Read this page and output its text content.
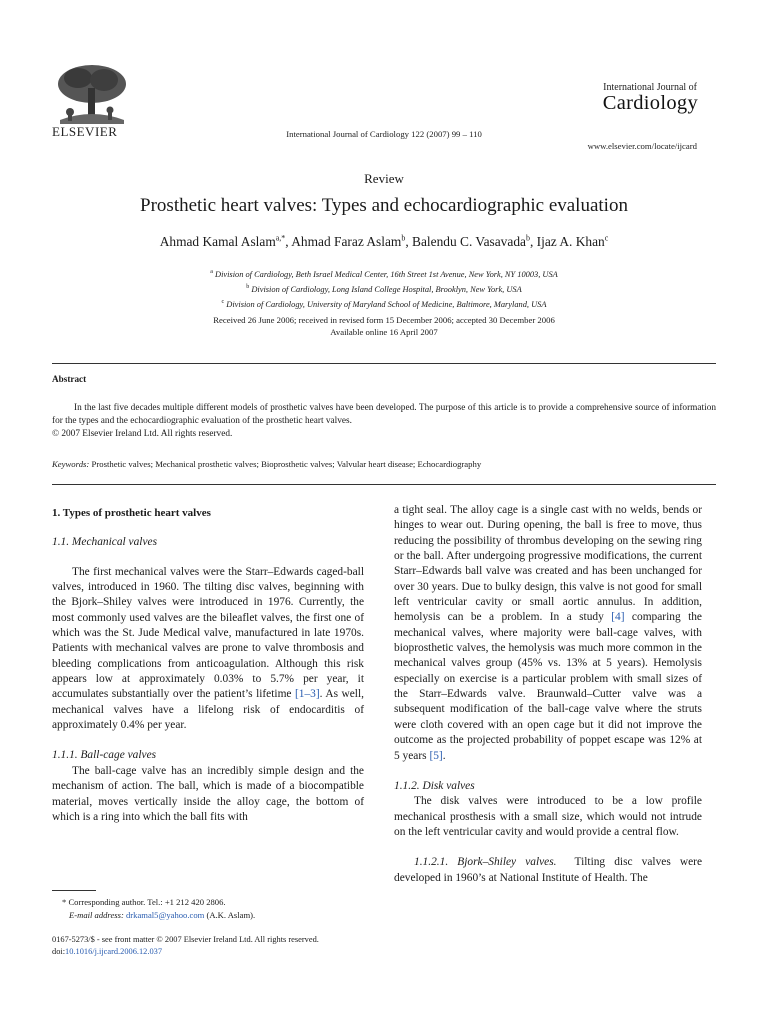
ELSEVIER	International Journal of Cardiology 122 (2007) 99 – 110
International Journal of
Cardiology
www.elsevier.com/locate/ijcard
Review
Prosthetic heart valves: Types and echocardiographic evaluation
Ahmad Kamal Aslam$^{a,*}$, Ahmad Faraz Aslam$^b$, Balendu C. Vasavada$^b$, Ijaz A. Khan$^c$
$^a$ Division of Cardiology, Beth Israel Medical Center, 16th Street 1st Avenue, New York, NY 10003, USA
$^b$ Division of Cardiology, Long Island College Hospital, Brooklyn, New York, USA
$^c$ Division of Cardiology, University of Maryland School of Medicine, Baltimore, Maryland, USA
Received 26 June 2006; received in revised form 15 December 2006; accepted 30 December 2006
Available online 16 April 2007
Abstract
In the last five decades multiple different models of prosthetic valves have been developed. The purpose of this article is to provide a comprehensive source of information for the types and the echocardiographic evaluation of the prosthetic heart valves.
© 2007 Elsevier Ireland Ltd. All rights reserved.
Keywords: Prosthetic valves; Mechanical prosthetic valves; Bioprosthetic valves; Valvular heart disease; Echocardiography

1. Types of prosthetic heart valves

1.1. Mechanical valves

The first mechanical valves were the Starr–Edwards caged-ball valves, introduced in 1960. The tilting disc valves, beginning with the Bjork–Shiley valves were introduced in 1976. Currently, the most commonly used valves are the bileaflet valves, the first one of which was the St. Jude Medical valve, manufactured in late 1970s. Patients with mechanical valves are prone to valve thrombosis and bleeding complications from anticoagulation. Although this risk appears low at approximately 0.03% to 5.7% per year, it accumulates substantially over the patient’s lifetime [1–3]. As well, mechanical valves have a lifelong risk of endocarditis of approximately 0.4% per year.

1.1.1. Ball-cage valves

The ball-cage valve has an incredibly simple design and the mechanism of action. The ball, which is made of a biocompatible material, moves vertically inside the alloy cage, the bottom of which is a ring into which the ball fits with

a tight seal. The alloy cage is a single cast with no welds, bends or hinges to wear out. During opening, the ball is free to move, thus reducing the possibility of thrombus developing on the sewing ring or the ball. After undergoing progressive modifications, the current Starr–Edwards ball valve was created and has been unchanged for over 30 years. Due to bulky design, this valve is not good for small left ventricular cavity or small aortic annulus. In addition, hemolysis can be a problem. In a study [4] comparing the mechanical valves, where majority were ball-cage valves, with bioprosthetic valves, the hemolysis was much more common in the mechanical valves group (45% vs. 13% at 5 years). Hemolysis especially on exercise is a particular problem with small sizes of the Starr–Edwards valve. Braunwald–Cutter valve was a subsequent modification of the ball-cage valve where the struts were cloth covered with an open cage but it did not improve the outcome as the projected probability of poppet escape was 12% at 5 years [5].

1.1.2. Disk valves

The disk valves were introduced to be a low profile mechanical prosthesis with a small size, which would not intrude on the left ventricular cavity and would provide a central flow.

1.1.2.1. Bjork–Shiley valves. Tilting disc valves were developed in 1960’s at National Institute of Health. The

* Corresponding author. Tel.: +1 212 420 2806.
E-mail address: drkamal5@yahoo.com (A.K. Aslam).
0167-5273/$ - see front matter © 2007 Elsevier Ireland Ltd. All rights reserved.
doi:10.1016/j.ijcard.2006.12.037
